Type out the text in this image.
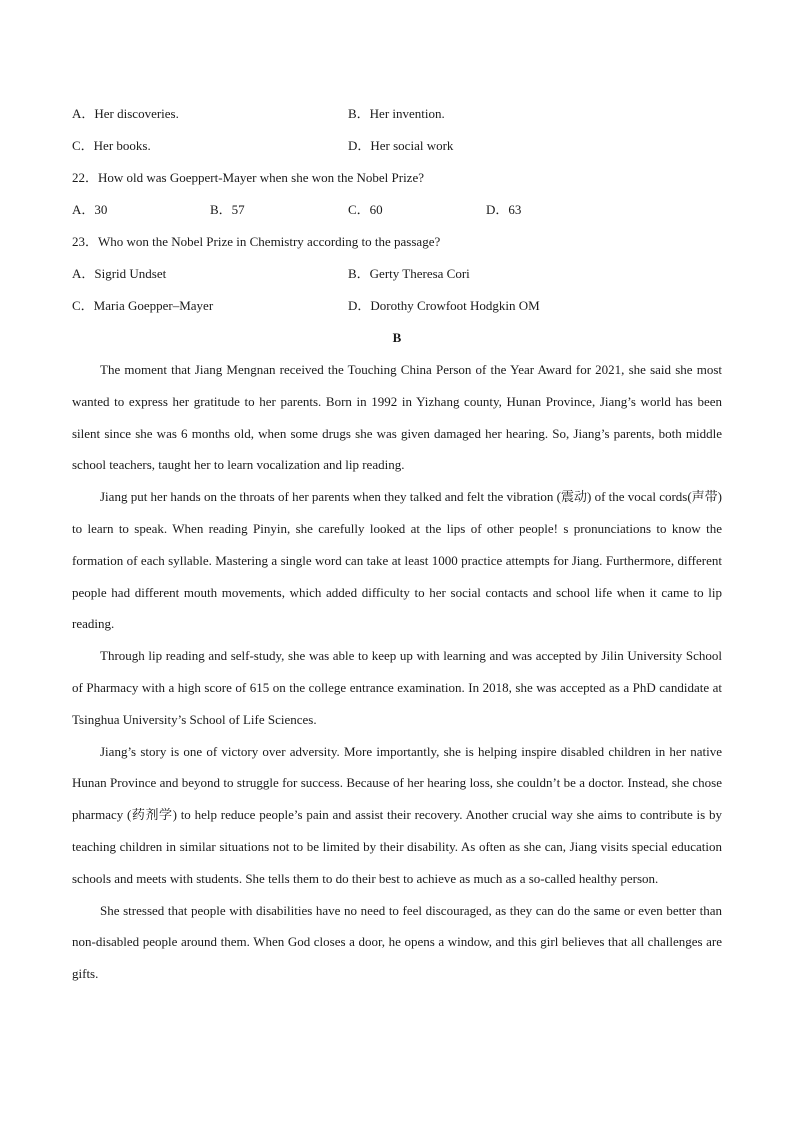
A．Her discoveries.	B．Her invention.
C．Her books.	D．Her social work
22．How old was Goeppert-Mayer when she won the Nobel Prize?
A．30	B．57	C．60	D．63
23．Who won the Nobel Prize in Chemistry according to the passage?
A．Sigrid Undset	B．Gerty Theresa Cori
C．Maria Goepper–Mayer	D．Dorothy Crowfoot Hodgkin OM
B

The moment that Jiang Mengnan received the Touching China Person of the Year Award for 2021, she said she most wanted to express her gratitude to her parents. Born in 1992 in Yizhang county, Hunan Province, Jiang’s world has been silent since she was 6 months old, when some drugs she was given damaged her hearing. So, Jiang’s parents, both middle school teachers, taught her to learn vocalization and lip reading.

Jiang put her hands on the throats of her parents when they talked and felt the vibration (震动) of the vocal cords(声带) to learn to speak. When reading Pinyin, she carefully looked at the lips of other people! s pronunciations to know the formation of each syllable. Mastering a single word can take at least 1000 practice attempts for Jiang. Furthermore, different people had different mouth movements, which added difficulty to her social contacts and school life when it came to lip reading.

Through lip reading and self-study, she was able to keep up with learning and was accepted by Jilin University School of Pharmacy with a high score of 615 on the college entrance examination. In 2018, she was accepted as a PhD candidate at Tsinghua University’s School of Life Sciences.

Jiang’s story is one of victory over adversity. More importantly, she is helping inspire disabled children in her native Hunan Province and beyond to struggle for success. Because of her hearing loss, she couldn’t be a doctor. Instead, she chose pharmacy (药剂学) to help reduce people’s pain and assist their recovery. Another crucial way she aims to contribute is by teaching children in similar situations not to be limited by their disability. As often as she can, Jiang visits special education schools and meets with students. She tells them to do their best to achieve as much as a so-called healthy person.

She stressed that people with disabilities have no need to feel discouraged, as they can do the same or even better than non-disabled people around them. When God closes a door, he opens a window, and this girl believes that all challenges are gifts.
